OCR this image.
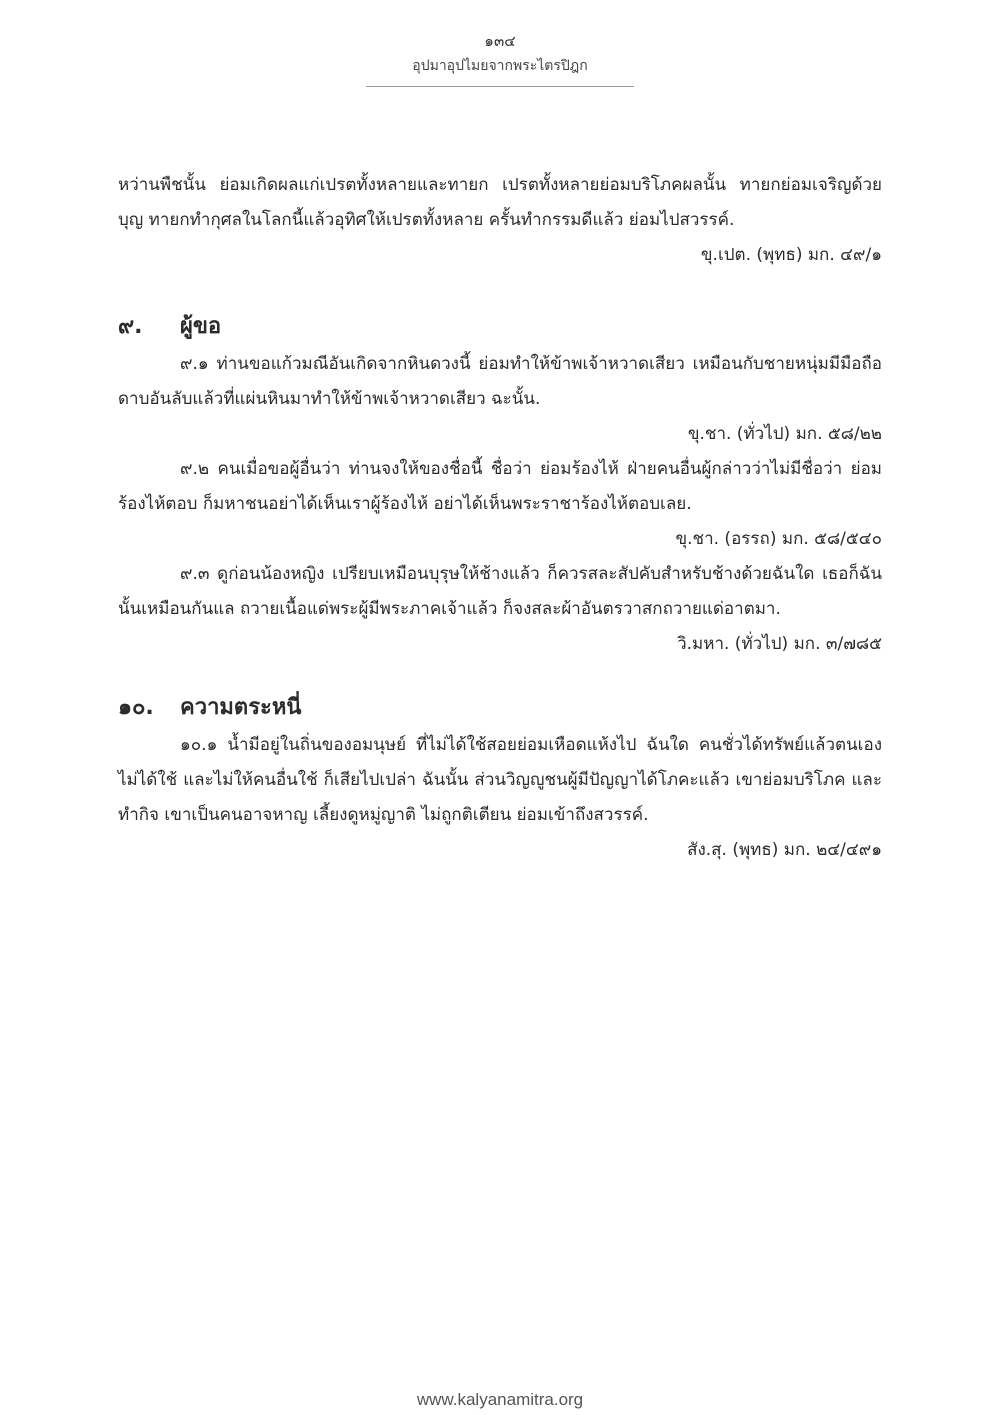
๑๓๔
อุปมาอุปไมยจากพระไตรปิฎก

หว่านพืชนั้น ย่อมเกิดผลแก่เปรตทั้งหลายและทายก เปรตทั้งหลายย่อมบริโภคผลนั้น ทายกย่อมเจริญด้วยบุญ ทายกทำกุศลในโลกนี้แล้วอุทิศให้เปรตทั้งหลาย ครั้นทำกรรมดีแล้ว ย่อมไปสวรรค์.

ขุ.เปต. (พุทธ) มก. ๔๙/๑

๙.	ผู้ขอ

๙.๑ ท่านขอแก้วมณีอันเกิดจากหินดวงนี้ ย่อมทำให้ข้าพเจ้าหวาดเสียว เหมือนกับชายหนุ่มมีมือถือดาบอันลับแล้วที่แผ่นหินมาทำให้ข้าพเจ้าหวาดเสียว ฉะนั้น.

ขุ.ชา. (ทั่วไป) มก. ๕๘/๒๒

๙.๒ คนเมื่อขอผู้อื่นว่า ท่านจงให้ของชื่อนี้ ชื่อว่า ย่อมร้องไห้ ฝ่ายคนอื่นผู้กล่าวว่าไม่มีชื่อว่า ย่อมร้องไห้ตอบ ก็มหาชนอย่าได้เห็นเราผู้ร้องไห้ อย่าได้เห็นพระราชาร้องไห้ตอบเลย.

ขุ.ชา. (อรรถ) มก. ๕๘/๕๔๐

๙.๓ ดูก่อนน้องหญิง เปรียบเหมือนบุรุษให้ช้างแล้ว ก็ควรสละสัปคับสำหรับช้างด้วยฉันใด เธอก็ฉันนั้นเหมือนกันแล ถวายเนื้อแด่พระผู้มีพระภาคเจ้าแล้ว ก็จงสละผ้าอันตรวาสกถวายแด่อาตมา.

วิ.มหา. (ทั่วไป) มก. ๓/๗๘๕

๑๐.	ความตระหนี่

๑๐.๑ น้ำมีอยู่ในถิ่นของอมนุษย์ ที่ไม่ได้ใช้สอยย่อมเหือดแห้งไป ฉันใด คนชั่วได้ทรัพย์แล้วตนเองไม่ได้ใช้ และไม่ให้คนอื่นใช้ ก็เสียไปเปล่า ฉันนั้น ส่วนวิญญูชนผู้มีปัญญาได้โภคะแล้ว เขาย่อมบริโภค และทำกิจ เขาเป็นคนอาจหาญ เลี้ยงดูหมู่ญาติ ไม่ถูกติเตียน ย่อมเข้าถึงสวรรค์.

สัง.สุ. (พุทธ) มก. ๒๔/๔๙๑

www.kalyanamitra.org
